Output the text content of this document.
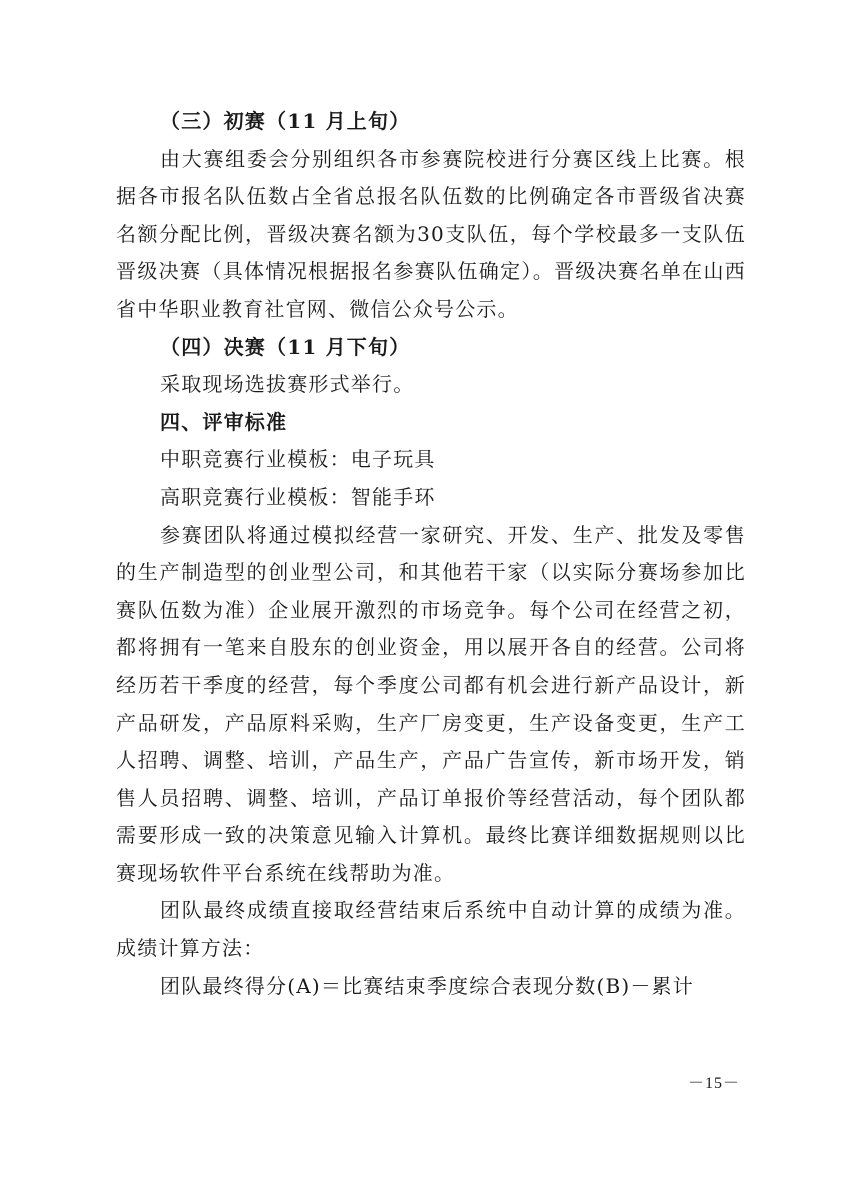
（三）初赛（11 月上旬）

由大赛组委会分别组织各市参赛院校进行分赛区线上比赛。根据各市报名队伍数占全省总报名队伍数的比例确定各市晋级省决赛名额分配比例，晋级决赛名额为30支队伍，每个学校最多一支队伍晋级决赛（具体情况根据报名参赛队伍确定）。晋级决赛名单在山西省中华职业教育社官网、微信公众号公示。

（四）决赛（11 月下旬）

采取现场选拔赛形式举行。

四、评审标准

中职竞赛行业模板：电子玩具

高职竞赛行业模板：智能手环

参赛团队将通过模拟经营一家研究、开发、生产、批发及零售的生产制造型的创业型公司，和其他若干家（以实际分赛场参加比赛队伍数为准）企业展开激烈的市场竞争。每个公司在经营之初，都将拥有一笔来自股东的创业资金，用以展开各自的经营。公司将经历若干季度的经营，每个季度公司都有机会进行新产品设计，新产品研发，产品原料采购，生产厂房变更，生产设备变更，生产工人招聘、调整、培训，产品生产，产品广告宣传，新市场开发，销售人员招聘、调整、培训，产品订单报价等经营活动，每个团队都需要形成一致的决策意见输入计算机。最终比赛详细数据规则以比赛现场软件平台系统在线帮助为准。

团队最终成绩直接取经营结束后系统中自动计算的成绩为准。成绩计算方法：

团队最终得分(A)＝比赛结束季度综合表现分数(B)－累计

－15－
